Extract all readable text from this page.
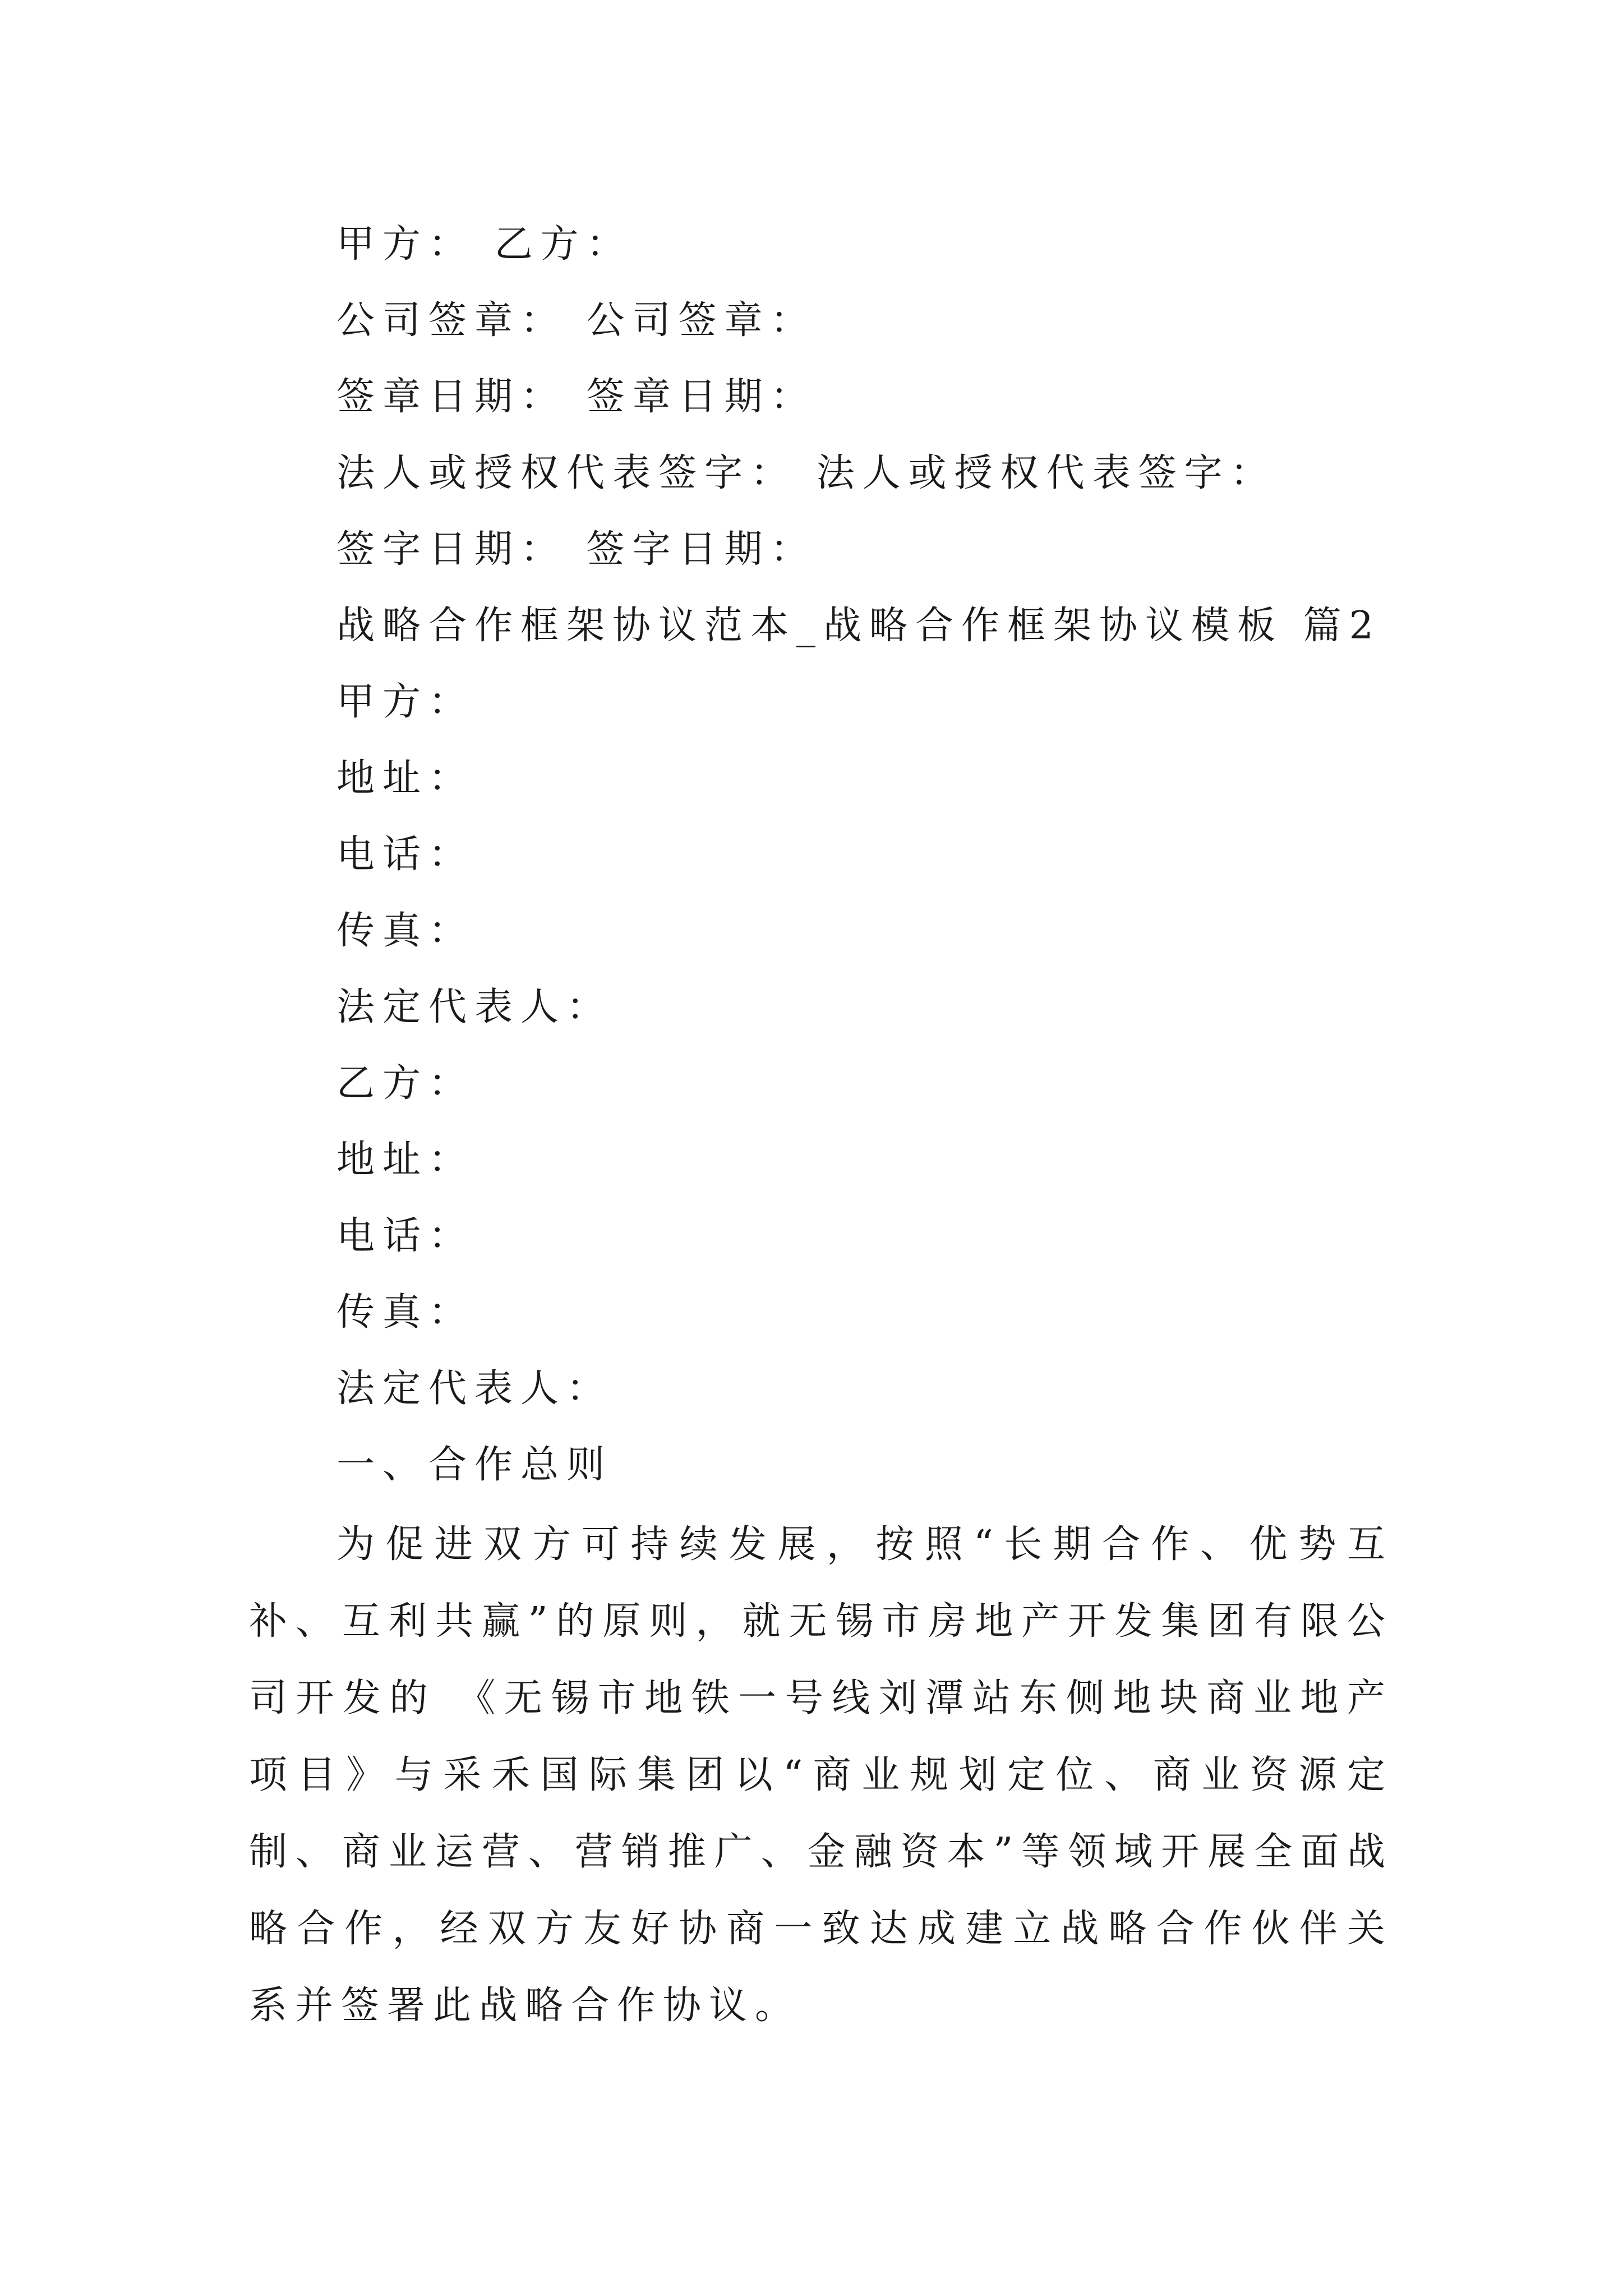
甲方： 乙方：
公司签章： 公司签章：
签章日期： 签章日期：
法人或授权代表签字： 法人或授权代表签字：
签字日期： 签字日期：
战略合作框架协议范本_战略合作框架协议模板 篇2
甲方：
地址：
电话：
传真：
法定代表人：
乙方：
地址：
电话：
传真：
法定代表人：
一、合作总则

为促进双方可持续发展，按照“长期合作、优势互补、互利共赢”的原则，就无锡市房地产开发集团有限公司开发的 《无锡市地铁一号线刘潭站东侧地块商业地产项目》与采禾国际集团以“商业规划定位、商业资源定制、商业运营、营销推广、金融资本”等领域开展全面战略合作，经双方友好协商一致达成建立战略合作伙伴关系并签署此战略合作协议。
